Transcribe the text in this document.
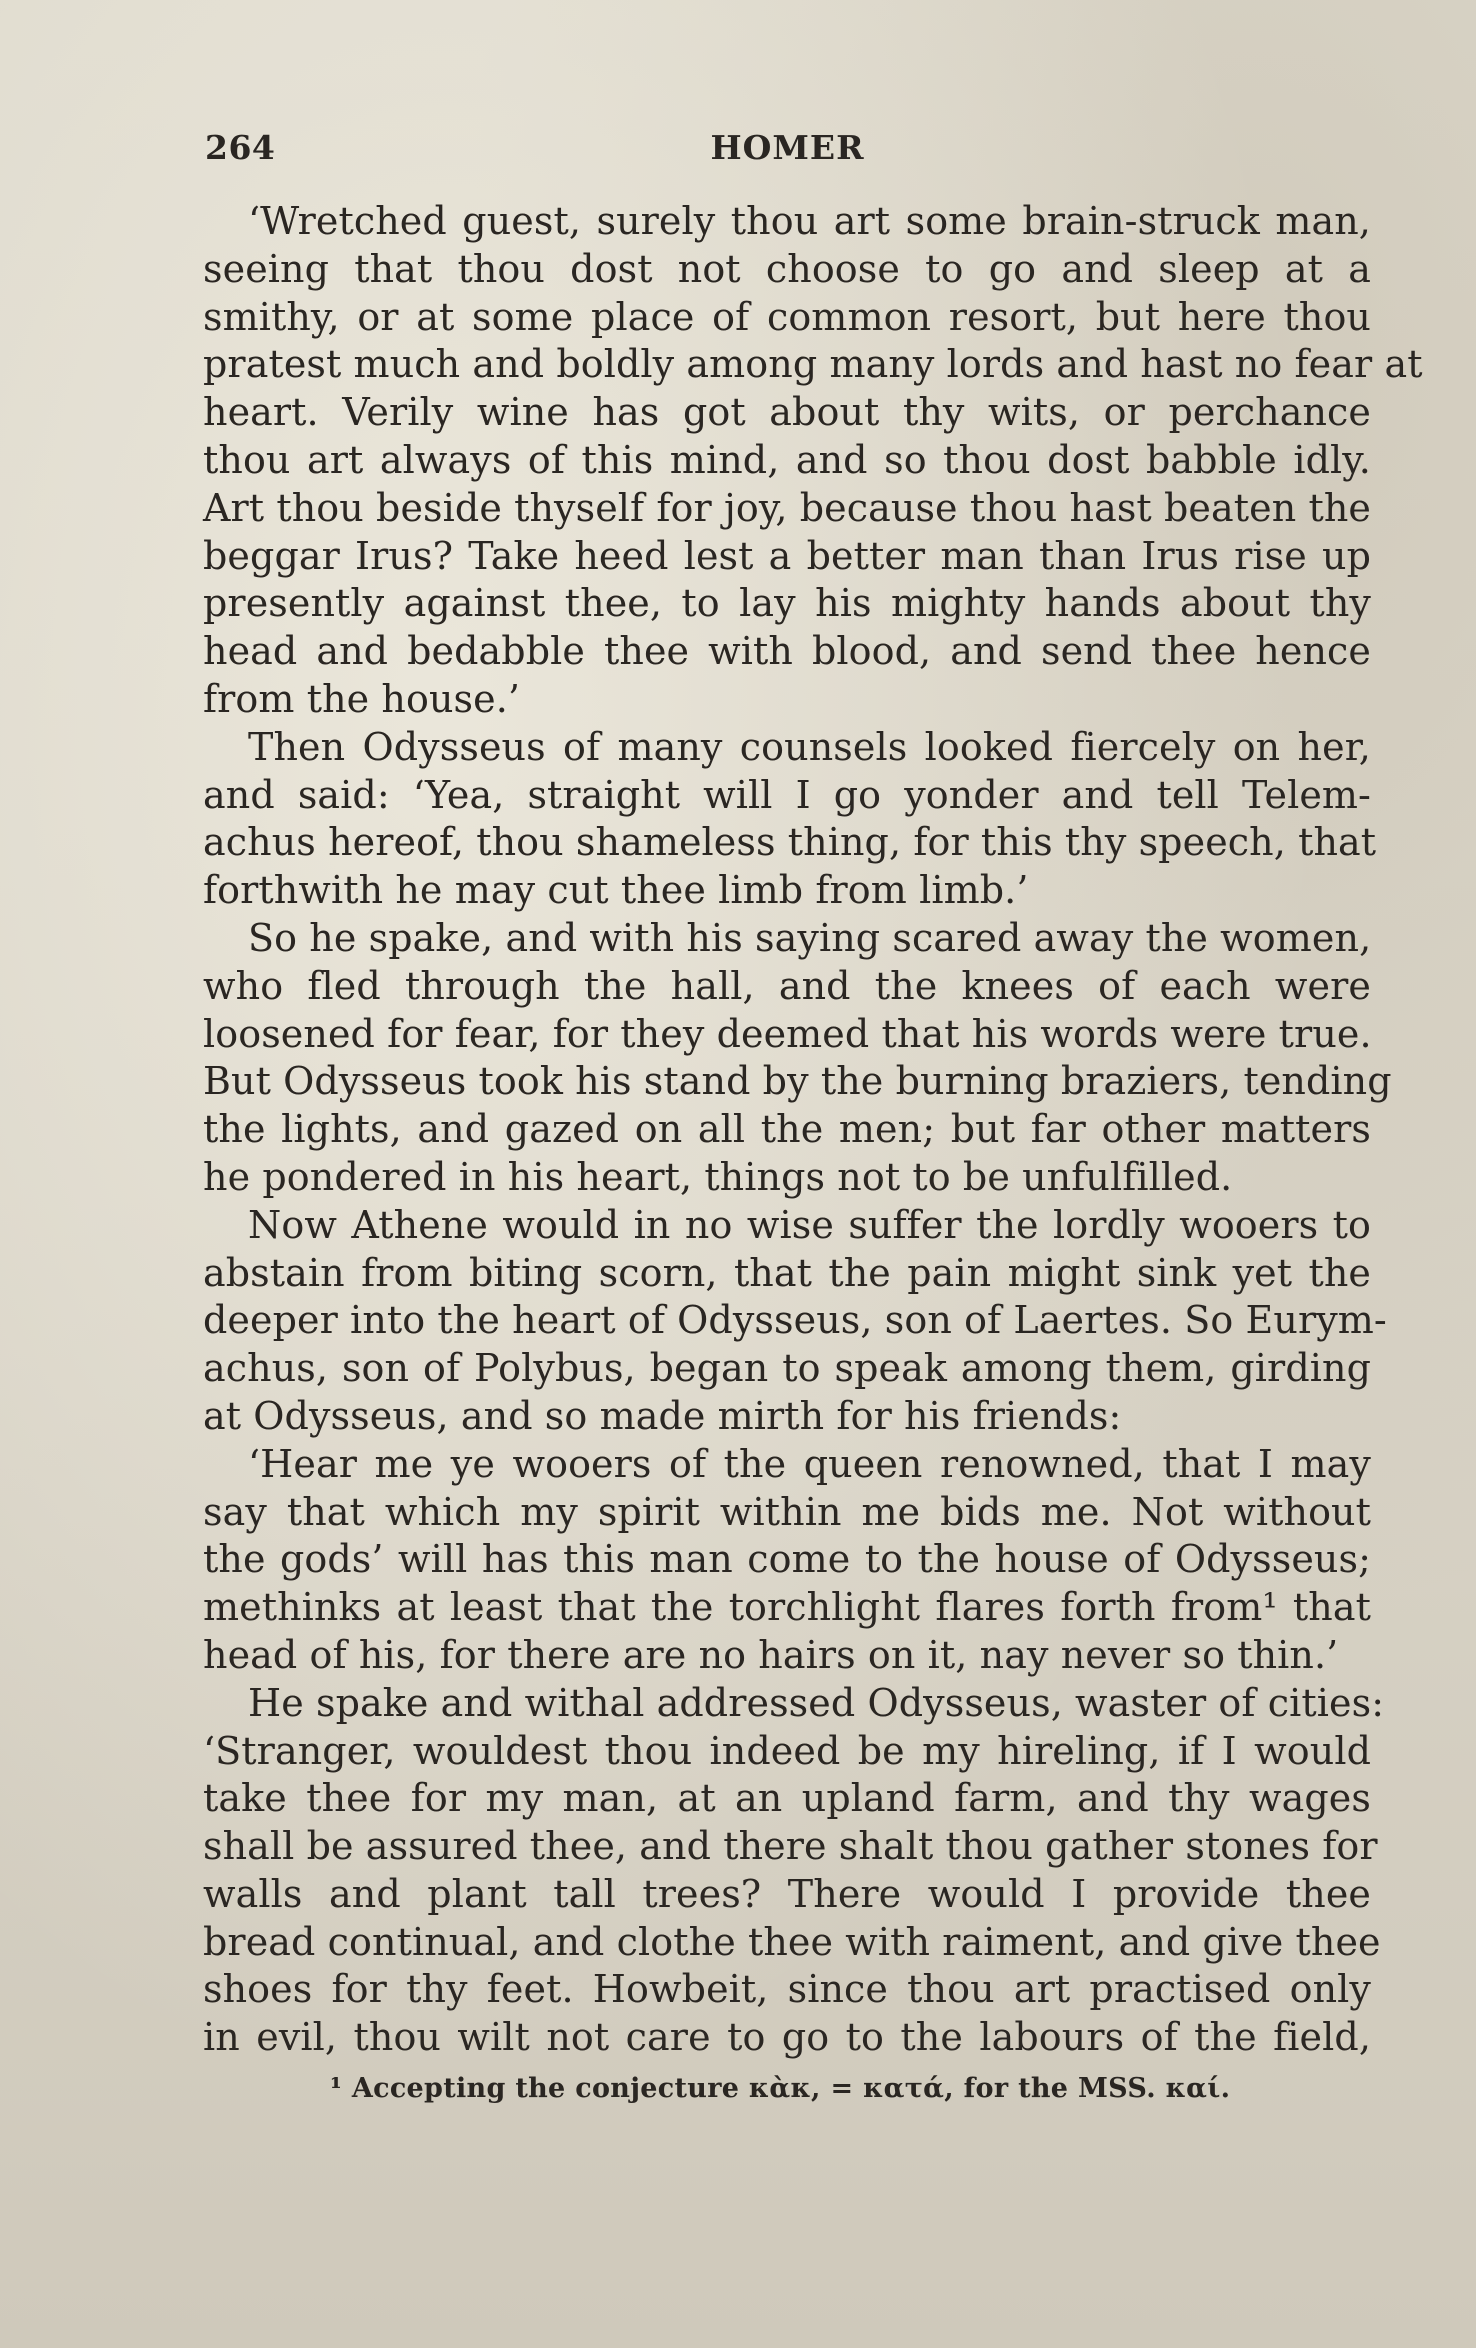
264	HOMER
‘Wretched guest, surely thou art some brain-struck man,
seeing that thou dost not choose to go and sleep at a
smithy, or at some place of common resort, but here thou
pratest much and boldly among many lords and hast no fear at
heart. Verily wine has got about thy wits, or perchance
thou art always of this mind, and so thou dost babble idly.
Art thou beside thyself for joy, because thou hast beaten the
beggar Irus? Take heed lest a better man than Irus rise up
presently against thee, to lay his mighty hands about thy
head and bedabble thee with blood, and send thee hence
from the house.’
Then Odysseus of many counsels looked fiercely on her,
and said: ‘Yea, straight will I go yonder and tell Telem-
achus hereof, thou shameless thing, for this thy speech, that
forthwith he may cut thee limb from limb.’
So he spake, and with his saying scared away the women,
who fled through the hall, and the knees of each were
loosened for fear, for they deemed that his words were true.
But Odysseus took his stand by the burning braziers, tending
the lights, and gazed on all the men; but far other matters
he pondered in his heart, things not to be unfulfilled.
Now Athene would in no wise suffer the lordly wooers to
abstain from biting scorn, that the pain might sink yet the
deeper into the heart of Odysseus, son of Laertes. So Eurym-
achus, son of Polybus, began to speak among them, girding
at Odysseus, and so made mirth for his friends:
‘Hear me ye wooers of the queen renowned, that I may
say that which my spirit within me bids me. Not without
the gods’ will has this man come to the house of Odysseus;
methinks at least that the torchlight flares forth from¹ that
head of his, for there are no hairs on it, nay never so thin.’
He spake and withal addressed Odysseus, waster of cities:
‘Stranger, wouldest thou indeed be my hireling, if I would
take thee for my man, at an upland farm, and thy wages
shall be assured thee, and there shalt thou gather stones for
walls and plant tall trees? There would I provide thee
bread continual, and clothe thee with raiment, and give thee
shoes for thy feet. Howbeit, since thou art practised only
in evil, thou wilt not care to go to the labours of the field,
¹ Accepting the conjecture κὰκ, = κατά, for the MSS. καί.
